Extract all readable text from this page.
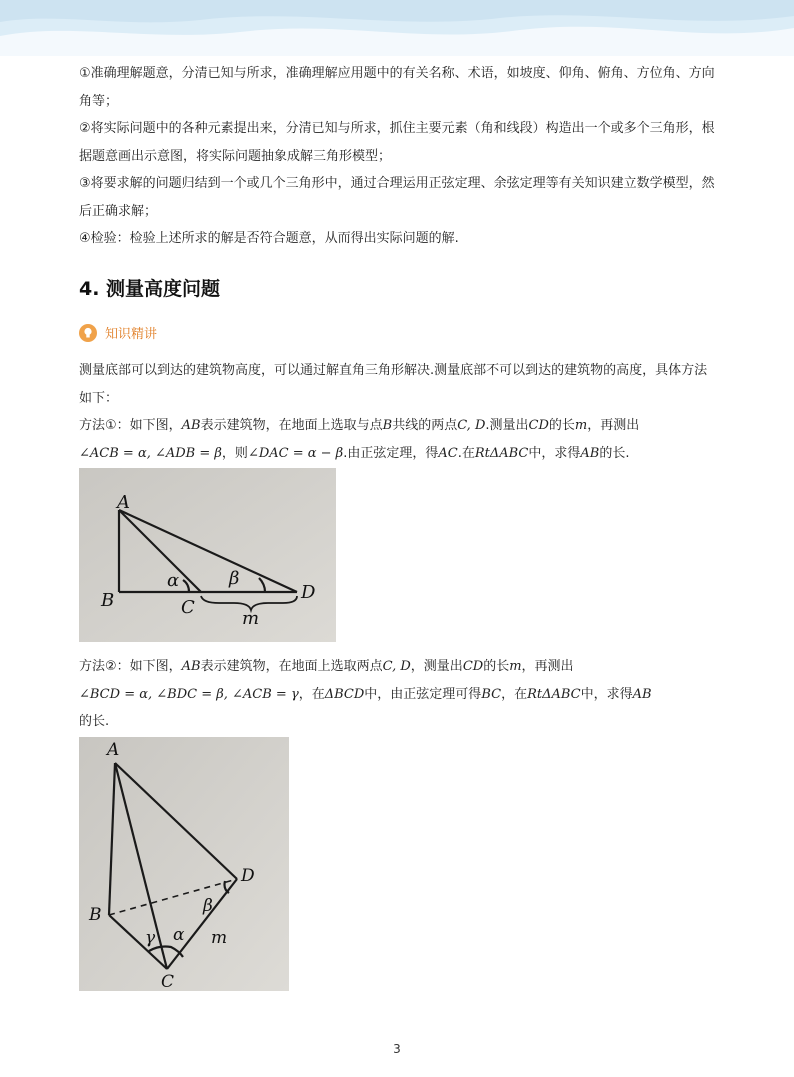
①准确理解题意，分清已知与所求，准确理解应用题中的有关名称、术语，如坡度、仰角、俯角、方位角、方向角等；

②将实际问题中的各种元素提出来，分清已知与所求，抓住主要元素（角和线段）构造出一个或多个三角形，根据题意画出示意图，将实际问题抽象成解三角形模型；

③将要求解的问题归结到一个或几个三角形中，通过合理运用正弦定理、余弦定理等有关知识建立数学模型，然后正确求解；

④检验：检验上述所求的解是否符合题意，从而得出实际问题的解.

4. 测量高度问题
知识精讲

测量底部可以到达的建筑物高度，可以通过解直角三角形解决.测量底部不可以到达的建筑物的高度，具体方法如下：

方法①：如下图，AB表示建筑物，在地面上选取与点B共线的两点C, D.测量出CD的长m，再测出

∠ACB = α, ∠ADB = β，则∠DAC = α − β.由正弦定理，得AC.在RtΔABC中，求得AB的长.

A
B	C
D
α	β
m

方法②：如下图，AB表示建筑物，在地面上选取两点C, D，测量出CD的长m，再测出

∠BCD = α, ∠BDC = β, ∠ACB = γ，在ΔBCD中，由正弦定理可得BC，在RtΔABC中，求得AB

的长.

A
B
C
D
α
β
γ	m
3
